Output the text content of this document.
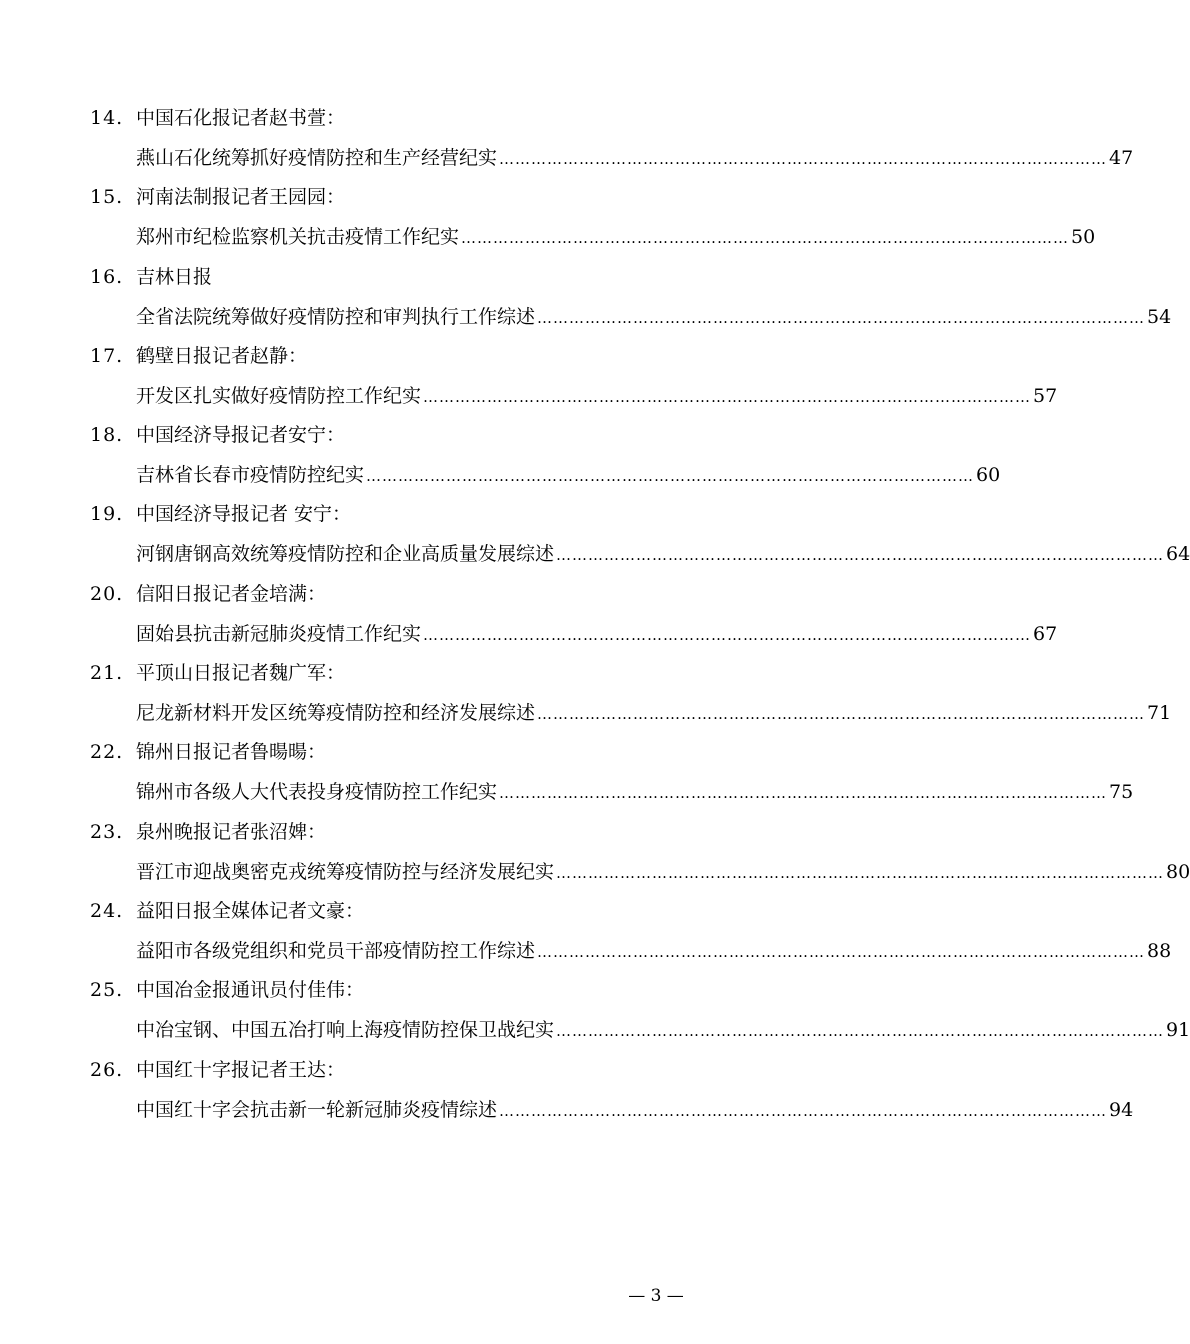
14. 中国石化报记者赵书萱：
燕山石化统筹抓好疫情防控和生产经营纪实 …………………………………………………………………………………………………… 47
15. 河南法制报记者王园园：
郑州市纪检监察机关抗击疫情工作纪实 …………………………………………………………………………………………………… 50
16. 吉林日报
全省法院统筹做好疫情防控和审判执行工作综述 …………………………………………………………………………………………………… 54
17. 鹤壁日报记者赵静：
开发区扎实做好疫情防控工作纪实 …………………………………………………………………………………………………… 57
18. 中国经济导报记者安宁：
吉林省长春市疫情防控纪实 …………………………………………………………………………………………………… 60
19. 中国经济导报记者 安宁：
河钢唐钢高效统筹疫情防控和企业高质量发展综述 …………………………………………………………………………………………………… 64
20. 信阳日报记者金培满：
固始县抗击新冠肺炎疫情工作纪实 …………………………………………………………………………………………………… 67
21. 平顶山日报记者魏广军：
尼龙新材料开发区统筹疫情防控和经济发展综述 …………………………………………………………………………………………………… 71
22. 锦州日报记者鲁暘暘：
锦州市各级人大代表投身疫情防控工作纪实 …………………………………………………………………………………………………… 75
23. 泉州晚报记者张沼婢：
晋江市迎战奥密克戎统筹疫情防控与经济发展纪实 …………………………………………………………………………………………………… 80
24. 益阳日报全媒体记者文豪：
益阳市各级党组织和党员干部疫情防控工作综述 …………………………………………………………………………………………………… 88
25. 中国冶金报通讯员付佳伟：
中冶宝钢、中国五冶打响上海疫情防控保卫战纪实 …………………………………………………………………………………………………… 91
26. 中国红十字报记者王达：
中国红十字会抗击新一轮新冠肺炎疫情综述 …………………………………………………………………………………………………… 94
— 3 —
